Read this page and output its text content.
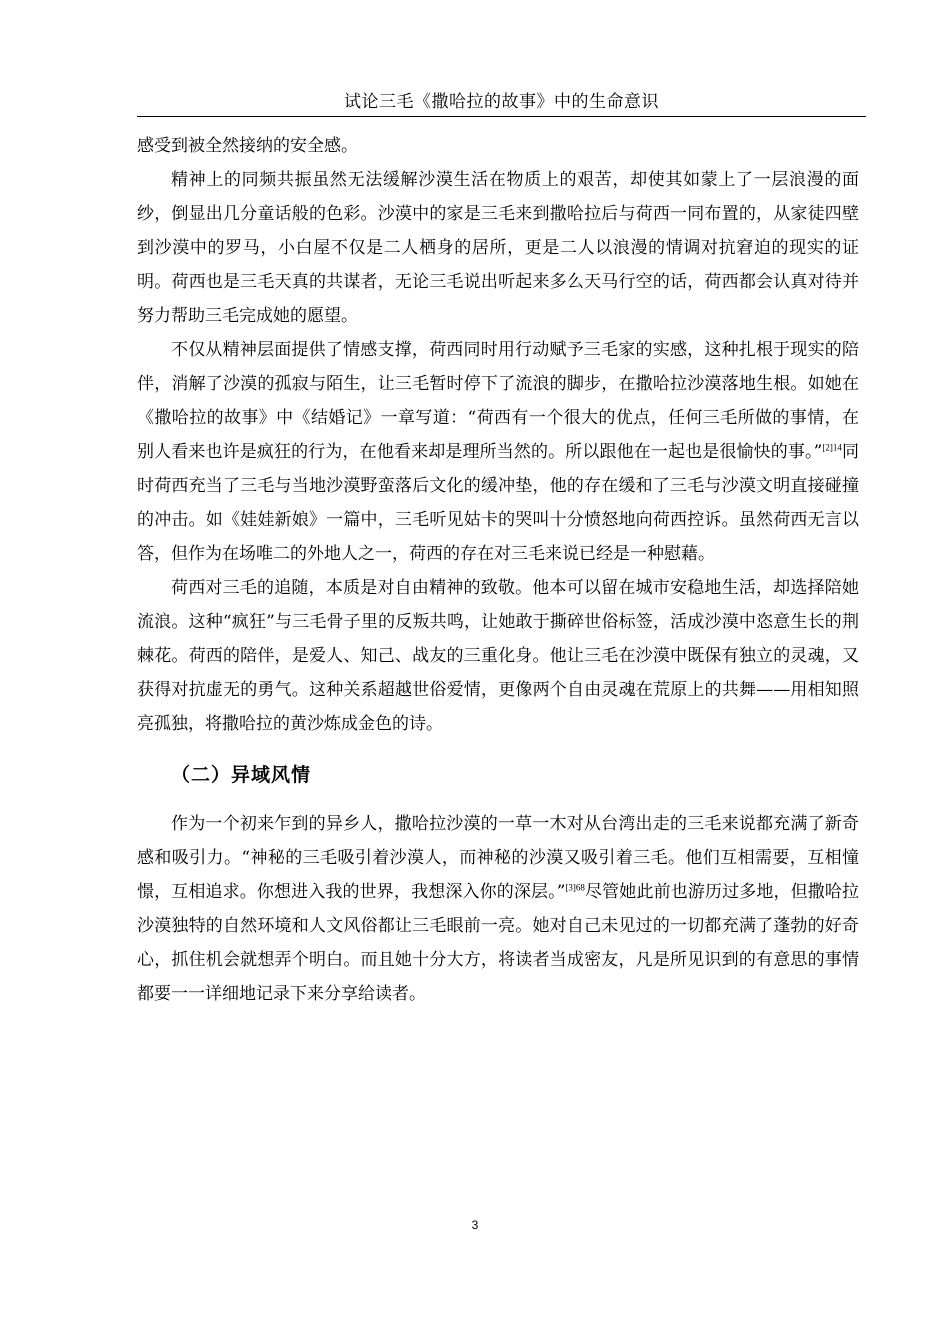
试论三毛《撒哈拉的故事》中的生命意识

感受到被全然接纳的安全感。

精神上的同频共振虽然无法缓解沙漠生活在物质上的艰苦，却使其如蒙上了一层浪漫的面纱，倒显出几分童话般的色彩。沙漠中的家是三毛来到撒哈拉后与荷西一同布置的，从家徒四壁到沙漠中的罗马，小白屋不仅是二人栖身的居所，更是二人以浪漫的情调对抗窘迫的现实的证明。荷西也是三毛天真的共谋者，无论三毛说出听起来多么天马行空的话，荷西都会认真对待并努力帮助三毛完成她的愿望。

不仅从精神层面提供了情感支撑，荷西同时用行动赋予三毛家的实感，这种扎根于现实的陪伴，消解了沙漠的孤寂与陌生，让三毛暂时停下了流浪的脚步，在撒哈拉沙漠落地生根。如她在《撒哈拉的故事》中《结婚记》一章写道：“荷西有一个很大的优点，任何三毛所做的事情，在别人看来也许是疯狂的行为，在他看来却是理所当然的。所以跟他在一起也是很愉快的事。”$^{[2]14}$同时荷西充当了三毛与当地沙漠野蛮落后文化的缓冲垫，他的存在缓和了三毛与沙漠文明直接碰撞的冲击。如《娃娃新娘》一篇中，三毛听见姑卡的哭叫十分愤怒地向荷西控诉。虽然荷西无言以答，但作为在场唯二的外地人之一，荷西的存在对三毛来说已经是一种慰藉。

荷西对三毛的追随，本质是对自由精神的致敬。他本可以留在城市安稳地生活，却选择陪她流浪。这种“疯狂”与三毛骨子里的反叛共鸣，让她敢于撕碎世俗标签，活成沙漠中恣意生长的荆棘花。荷西的陪伴，是爱人、知己、战友的三重化身。他让三毛在沙漠中既保有独立的灵魂，又获得对抗虚无的勇气。这种关系超越世俗爱情，更像两个自由灵魂在荒原上的共舞——用相知照亮孤独，将撒哈拉的黄沙炼成金色的诗。

（二）异域风情

作为一个初来乍到的异乡人，撒哈拉沙漠的一草一木对从台湾出走的三毛来说都充满了新奇感和吸引力。“神秘的三毛吸引着沙漠人，而神秘的沙漠又吸引着三毛。他们互相需要，互相憧憬，互相追求。你想进入我的世界，我想深入你的深层。”$^{[3]68}$尽管她此前也游历过多地，但撒哈拉沙漠独特的自然环境和人文风俗都让三毛眼前一亮。她对自己未见过的一切都充满了蓬勃的好奇心，抓住机会就想弄个明白。而且她十分大方，将读者当成密友，凡是所见识到的有意思的事情都要一一详细地记录下来分享给读者。

3
